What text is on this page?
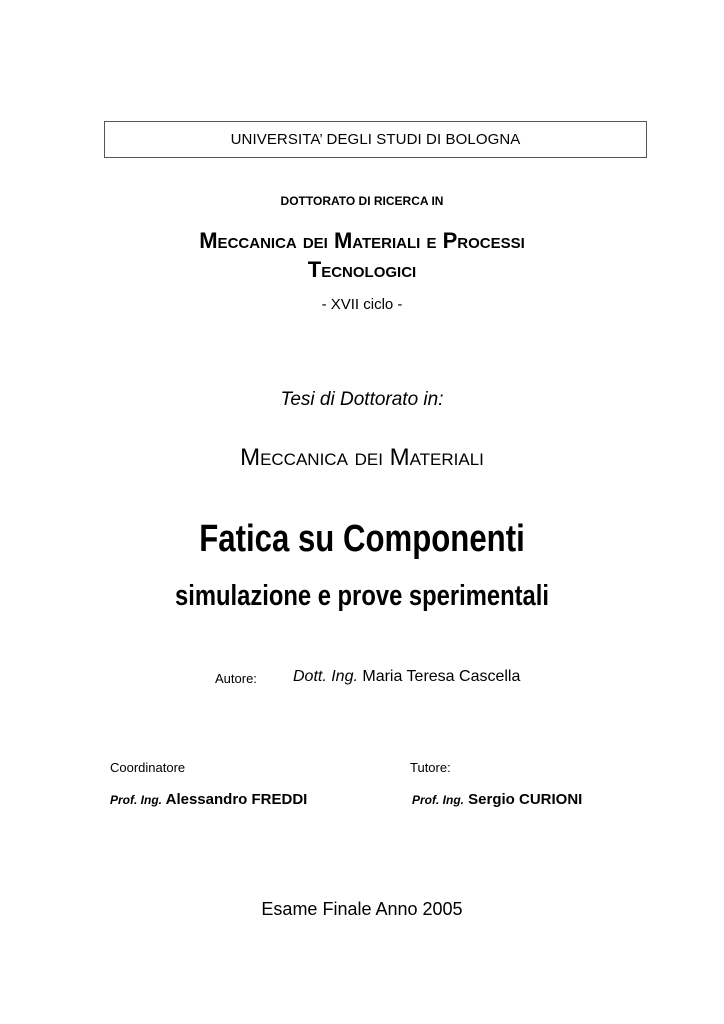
UNIVERSITA’ DEGLI STUDI DI BOLOGNA
DOTTORATO DI RICERCA IN
Meccanica dei Materiali e Processi
Tecnologici
- XVII ciclo -
Tesi di Dottorato in:
Meccanica dei Materiali
Fatica su Componenti
simulazione e prove sperimentali
Autore: Dott. Ing. Maria Teresa Cascella
Coordinatore
Prof. Ing. Alessandro FREDDI
Tutore:
Prof. Ing. Sergio CURIONI
Esame Finale Anno 2005
